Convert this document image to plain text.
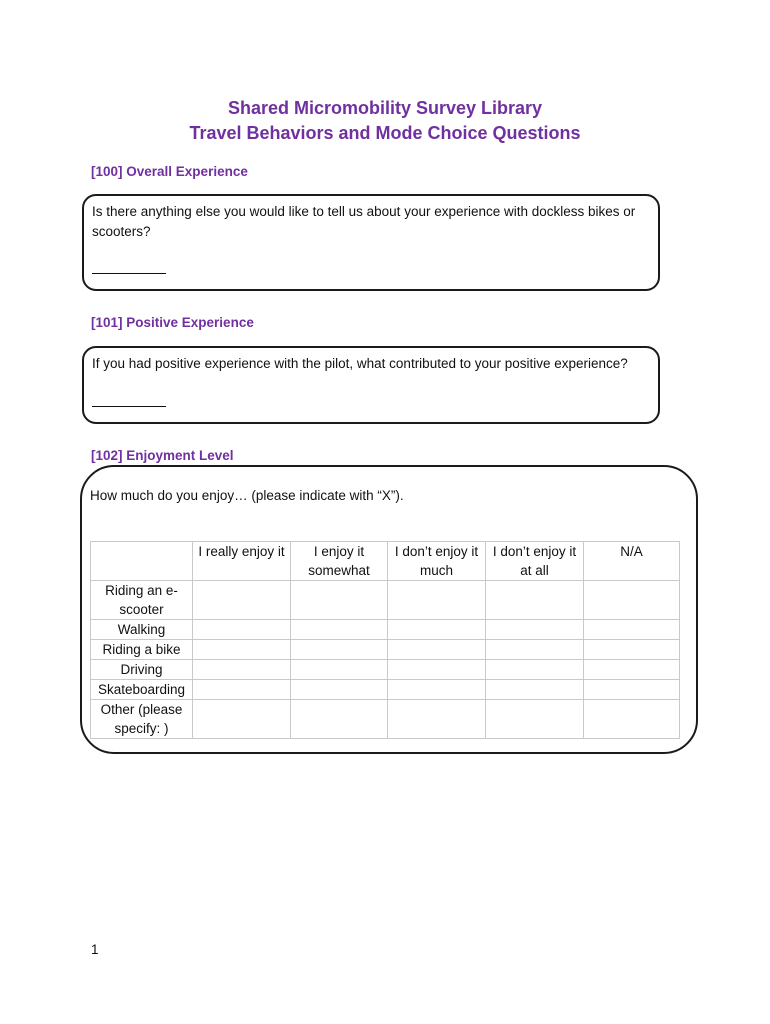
Shared Micromobility Survey Library
Travel Behaviors and Mode Choice Questions

[100] Overall Experience

Is there anything else you would like to tell us about your experience with dockless bikes or scooters?

[101] Positive Experience

If you had positive experience with the pilot, what contributed to your positive experience?

[102] Enjoyment Level

How much do you enjoy… (please indicate with “X”).

	I really enjoy it	I enjoy it somewhat	I don’t enjoy it much	I don’t enjoy it at all	N/A
Riding an e-scooter					
Walking					
Riding a bike					
Driving					
Skateboarding					
Other (please specify: )					
1
